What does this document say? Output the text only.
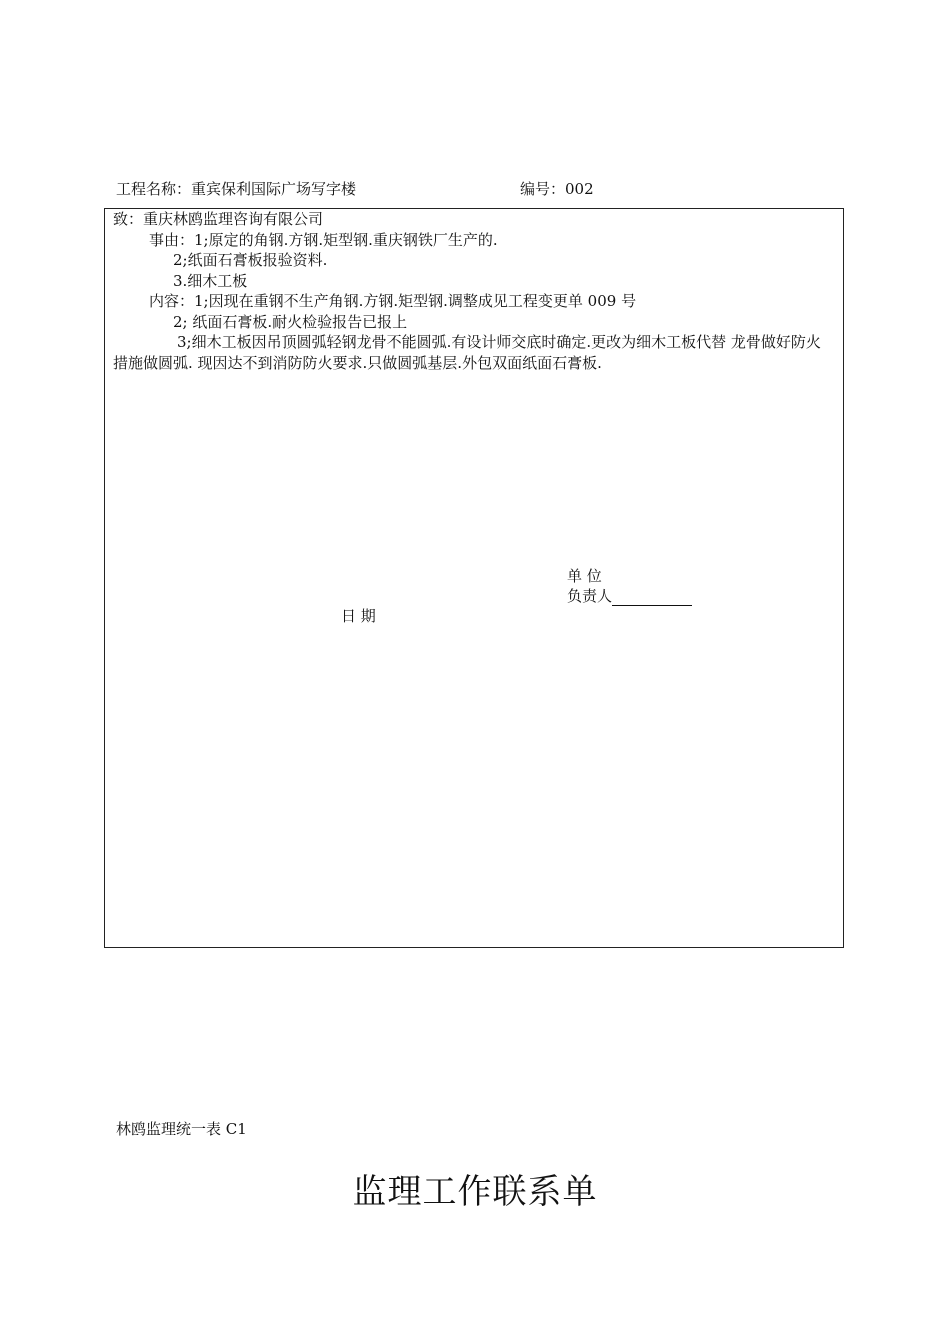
工程名称：重宾保利国际广场写字楼	编号：002
致：重庆林鸥监理咨询有限公司
事由：1;原定的角钢.方钢.矩型钢.重庆钢铁厂生产的.
2;纸面石膏板报验资料.
3.细木工板
内容：1;因现在重钢不生产角钢.方钢.矩型钢.调整成见工程变更单 009 号
2; 纸面石膏板.耐火检验报告已报上
3;细木工板因吊顶圆弧轻钢龙骨不能圆弧.有设计师交底时确定.更改为细木工板代替 龙骨做好防火措施做圆弧. 现因达不到消防防火要求.只做圆弧基层.外包双面纸面石膏板.
单 位
负责人
日 期
林鸥监理统一表 C1
监理工作联系单
